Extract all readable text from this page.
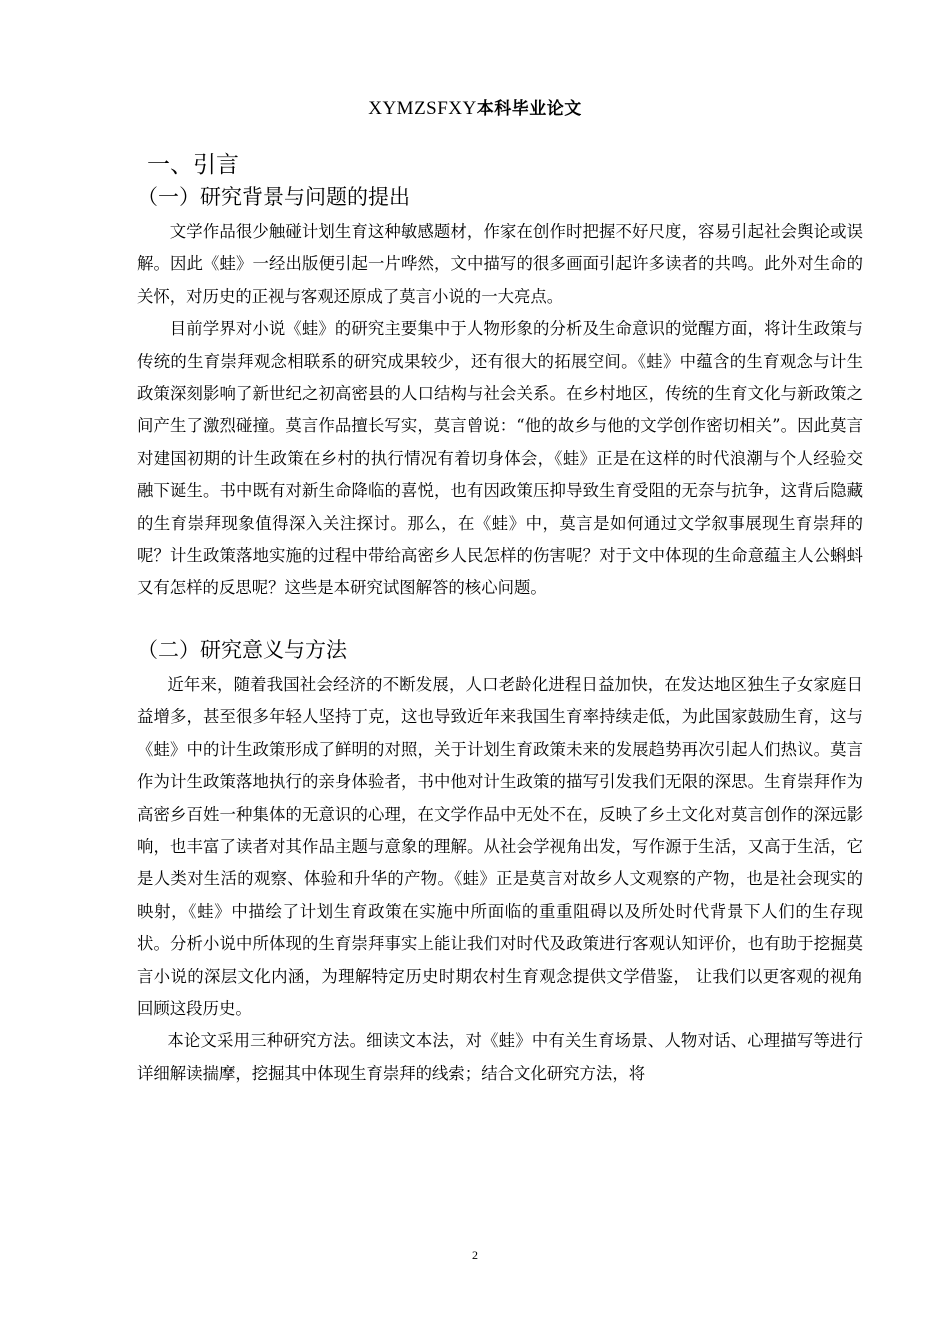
XYMZSFXY本科毕业论文
一、引言
（一）研究背景与问题的提出

文学作品很少触碰计划生育这种敏感题材，作家在创作时把握不好尺度，容易引起社会舆论或误解。因此《蛙》一经出版便引起一片哗然，文中描写的很多画面引起许多读者的共鸣。此外对生命的关怀，对历史的正视与客观还原成了莫言小说的一大亮点。

目前学界对小说《蛙》的研究主要集中于人物形象的分析及生命意识的觉醒方面，将计生政策与传统的生育崇拜观念相联系的研究成果较少，还有很大的拓展空间。《蛙》中蕴含的生育观念与计生政策深刻影响了新世纪之初高密县的人口结构与社会关系。在乡村地区，传统的生育文化与新政策之间产生了激烈碰撞。莫言作品擅长写实，莫言曾说：“他的故乡与他的文学创作密切相关”。因此莫言对建国初期的计生政策在乡村的执行情况有着切身体会，《蛙》正是在这样的时代浪潮与个人经验交融下诞生。书中既有对新生命降临的喜悦，也有因政策压抑导致生育受阻的无奈与抗争，这背后隐藏的生育崇拜现象值得深入关注探讨。那么，在《蛙》中，莫言是如何通过文学叙事展现生育崇拜的呢？计生政策落地实施的过程中带给高密乡人民怎样的伤害呢？对于文中体现的生命意蕴主人公蝌蚪又有怎样的反思呢？这些是本研究试图解答的核心问题。

（二）研究意义与方法

近年来，随着我国社会经济的不断发展，人口老龄化进程日益加快，在发达地区独生子女家庭日益增多，甚至很多年轻人坚持丁克，这也导致近年来我国生育率持续走低，为此国家鼓励生育，这与《蛙》中的计生政策形成了鲜明的对照，关于计划生育政策未来的发展趋势再次引起人们热议。莫言作为计生政策落地执行的亲身体验者，书中他对计生政策的描写引发我们无限的深思。生育崇拜作为高密乡百姓一种集体的无意识的心理，在文学作品中无处不在，反映了乡土文化对莫言创作的深远影响，也丰富了读者对其作品主题与意象的理解。从社会学视角出发，写作源于生活，又高于生活，它是人类对生活的观察、体验和升华的产物。《蛙》正是莫言对故乡人文观察的产物，也是社会现实的映射，《蛙》中描绘了计划生育政策在实施中所面临的重重阻碍以及所处时代背景下人们的生存现状。分析小说中所体现的生育崇拜事实上能让我们对时代及政策进行客观认知评价，也有助于挖掘莫言小说的深层文化内涵，为理解特定历史时期农村生育观念提供文学借鉴， 让我们以更客观的视角回顾这段历史。

本论文采用三种研究方法。细读文本法，对《蛙》中有关生育场景、人物对话、心理描写等进行详细解读揣摩，挖掘其中体现生育崇拜的线索；结合文化研究方法，将

2
